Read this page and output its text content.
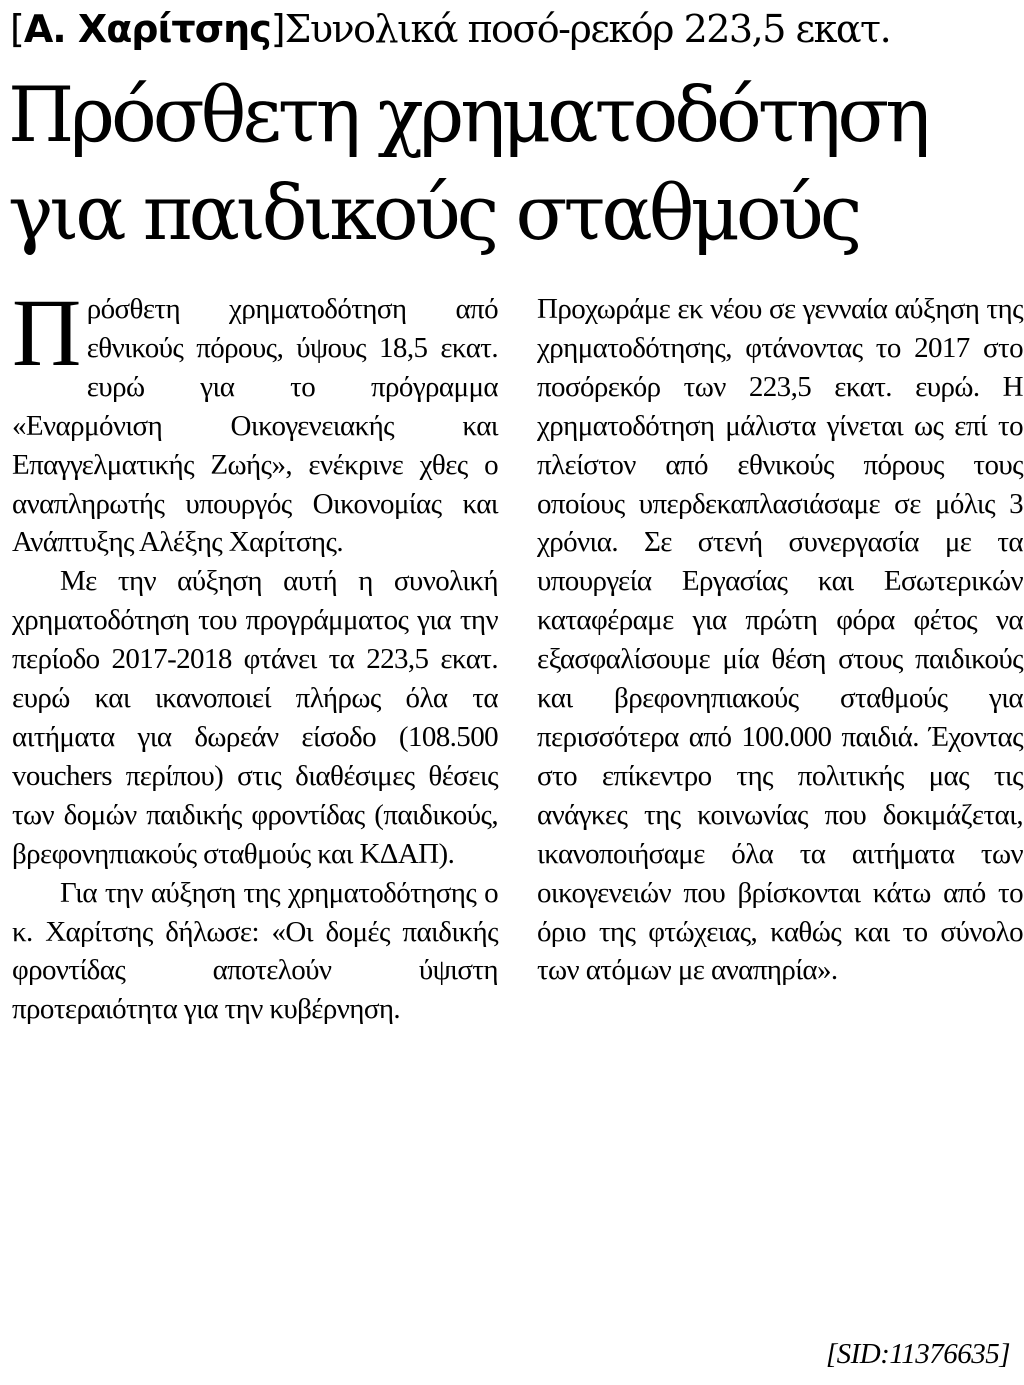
[Α. Χαρίτσης]Συνολικά ποσό-ρεκόρ 223,5 εκατ.
Πρόσθετη χρηματοδότηση
για παιδικούς σταθμούς

Πρόσθετη χρηματοδότηση από εθνικούς πόρους, ύψους 18,5 εκατ. ευρώ για το πρόγραμμα «Εναρμόνιση Οικογενειακής και Επαγγελματικής Ζωής», ενέκρινε χθες ο αναπληρωτής υπουργός Οικονομίας και Ανάπτυξης Αλέξης Χαρίτσης.

Με την αύξηση αυτή η συνολική χρηματοδότηση του προγράμματος για την περίοδο 2017-2018 φτάνει τα 223,5 εκατ. ευρώ και ικανοποιεί πλήρως όλα τα αιτήματα για δωρεάν είσοδο (108.500 vouchers περίπου) στις διαθέσιμες θέσεις των δομών παιδικής φροντίδας (παιδικούς, βρεφονηπιακούς σταθμούς και ΚΔΑΠ).

Για την αύξηση της χρηματοδότησης ο κ. Χαρίτσης δήλωσε: «Οι δομές παιδικής φροντίδας αποτελούν ύψιστη προτεραιότητα για την κυβέρνηση.

Προχωράμε εκ νέου σε γενναία αύξηση της χρηματοδότησης, φτάνοντας το 2017 στο ποσόρεκόρ των 223,5 εκατ. ευρώ. Η χρηματοδότηση μάλιστα γίνεται ως επί το πλείστον από εθνικούς πόρους τους οποίους υπερδεκαπλασιάσαμε σε μόλις 3 χρόνια. Σε στενή συνεργασία με τα υπουργεία Εργασίας και Εσωτερικών καταφέραμε για πρώτη φόρα φέτος να εξασφαλίσουμε μία θέση στους παιδικούς και βρεφονηπιακούς σταθμούς για περισσότερα από 100.000 παιδιά. Έχοντας στο επίκεντρο της πολιτικής μας τις ανάγκες της κοινωνίας που δοκιμάζεται, ικανοποιήσαμε όλα τα αιτήματα των οικογενειών που βρίσκονται κάτω από το όριο της φτώχειας, καθώς και το σύνολο των ατόμων με αναπηρία».

[SID:11376635]
